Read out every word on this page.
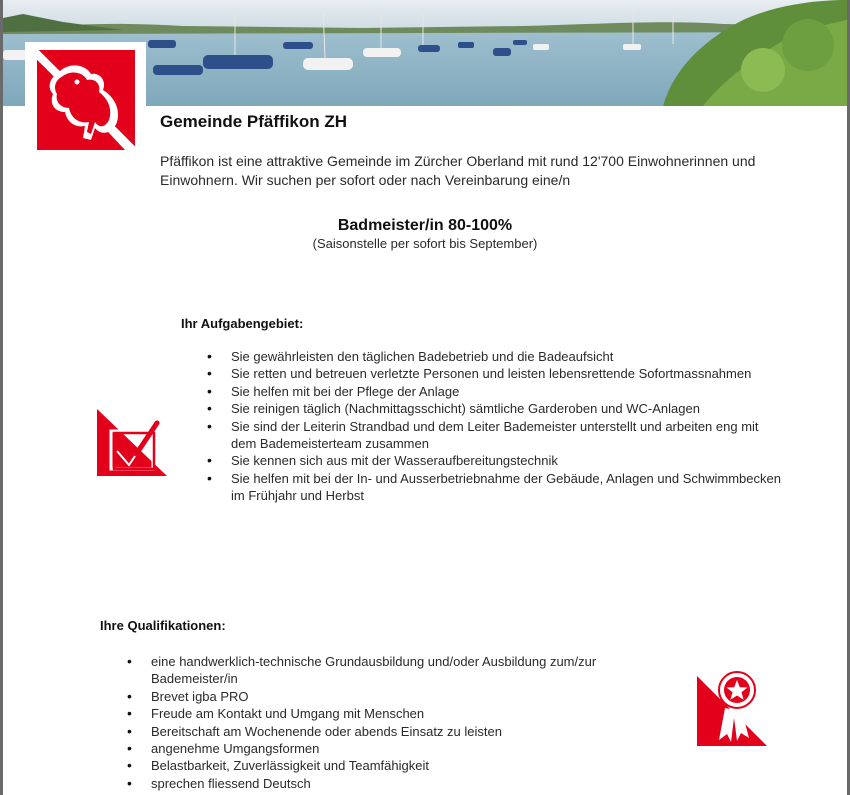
Gemeinde Pfäffikon ZH
Pfäffikon ist eine attraktive Gemeinde im Zürcher Oberland mit rund 12'700 Einwohnerinnen und Einwohnern. Wir suchen per sofort oder nach Vereinbarung eine/n
Badmeister/in 80-100%
(Saisonstelle per sofort bis September)
Ihr Aufgabengebiet:
• Sie gewährleisten den täglichen Badebetrieb und die Badeaufsicht
• Sie retten und betreuen verletzte Personen und leisten lebensrettende Sofortmassnahmen
• Sie helfen mit bei der Pflege der Anlage
• Sie reinigen täglich (Nachmittagsschicht) sämtliche Garderoben und WC-Anlagen
• Sie sind der Leiterin Strandbad und dem Leiter Bademeister unterstellt und arbeiten eng mit dem Bademeisterteam zusammen
• Sie kennen sich aus mit der Wasseraufbereitungstechnik
• Sie helfen mit bei der In- und Ausserbetriebnahme der Gebäude, Anlagen und Schwimmbecken im Frühjahr und Herbst
Ihre Qualifikationen:
• eine handwerklich-technische Grundausbildung und/oder Ausbildung zum/zur Bademeister/in
• Brevet igba PRO
• Freude am Kontakt und Umgang mit Menschen
• Bereitschaft am Wochenende oder abends Einsatz zu leisten
• angenehme Umgangsformen
• Belastbarkeit, Zuverlässigkeit und Teamfähigkeit
• sprechen fliessend Deutsch
